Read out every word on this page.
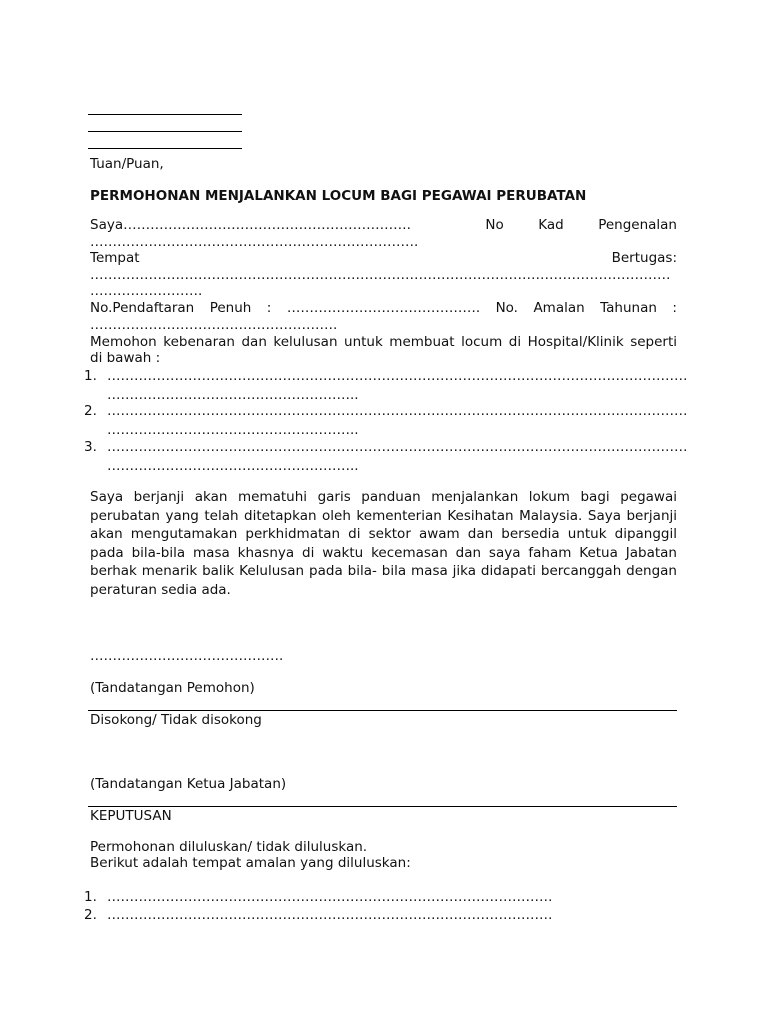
Tuan/Puan,
PERMOHONAN MENJALANKAN LOCUM BAGI PEGAWAI PERUBATAN
Saya……………………………………………………….	No	Kad	Pengenalan
……………………………………………………………….
Tempat	Bertugas:
…………………………………………………………………………………………………………………
…………………….
No.Pendaftaran Penuh : ……………………………………. No. Amalan Tahunan :
……………………………………………….
Memohon kebenaran dan kelulusan untuk membuat locum di Hospital/Klinik seperti
di bawah :
1. …………………………………………………………………………………………………………………
………………………………………………..
2. …………………………………………………………………………………………………………………
………………………………………………..
3. …………………………………………………………………………………………………………………
………………………………………………..
Saya berjanji akan mematuhi garis panduan menjalankan lokum bagi pegawai perubatan yang telah ditetapkan oleh kementerian Kesihatan Malaysia. Saya berjanji akan mengutamakan perkhidmatan di sektor awam dan bersedia untuk dipanggil pada bila-bila masa khasnya di waktu kecemasan dan saya faham Ketua Jabatan berhak menarik balik Kelulusan pada bila- bila masa jika didapati bercanggah dengan peraturan sedia ada.
…………………………………….
(Tandatangan Pemohon)
Disokong/ Tidak disokong
(Tandatangan Ketua Jabatan)
KEPUTUSAN
Permohonan diluluskan/ tidak diluluskan.
Berikut adalah tempat amalan yang diluluskan:
1. ………………………………………………………………………………………
2. ………………………………………………………………………………………
